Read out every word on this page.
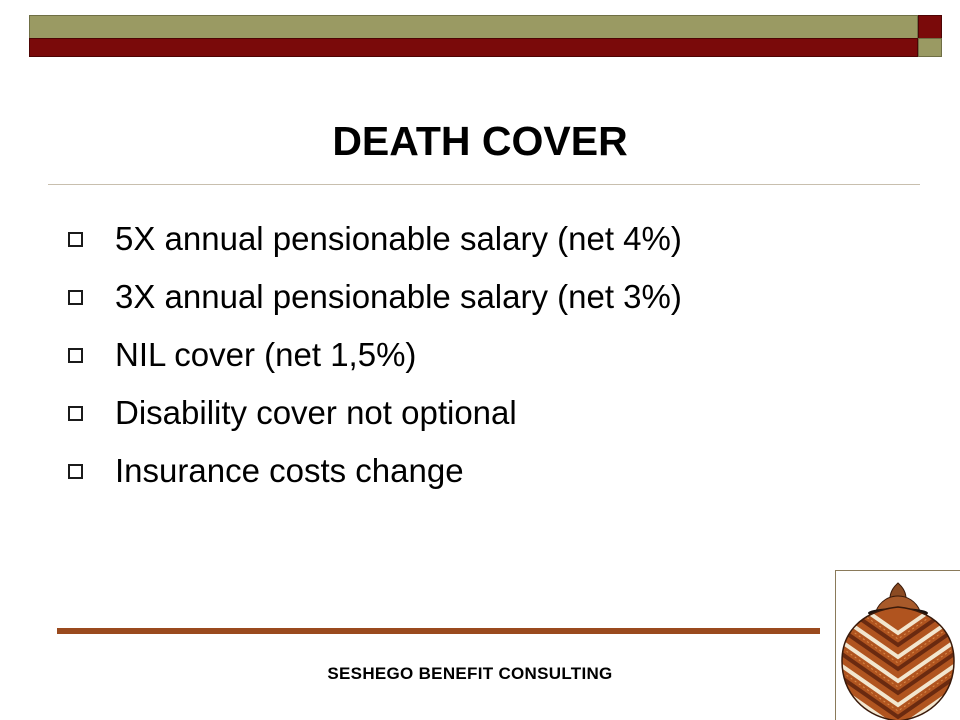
DEATH COVER
5X annual pensionable salary (net 4%)
3X annual pensionable salary (net 3%)
NIL cover (net 1,5%)
Disability cover not optional
Insurance costs change
SESHEGO BENEFIT CONSULTING
